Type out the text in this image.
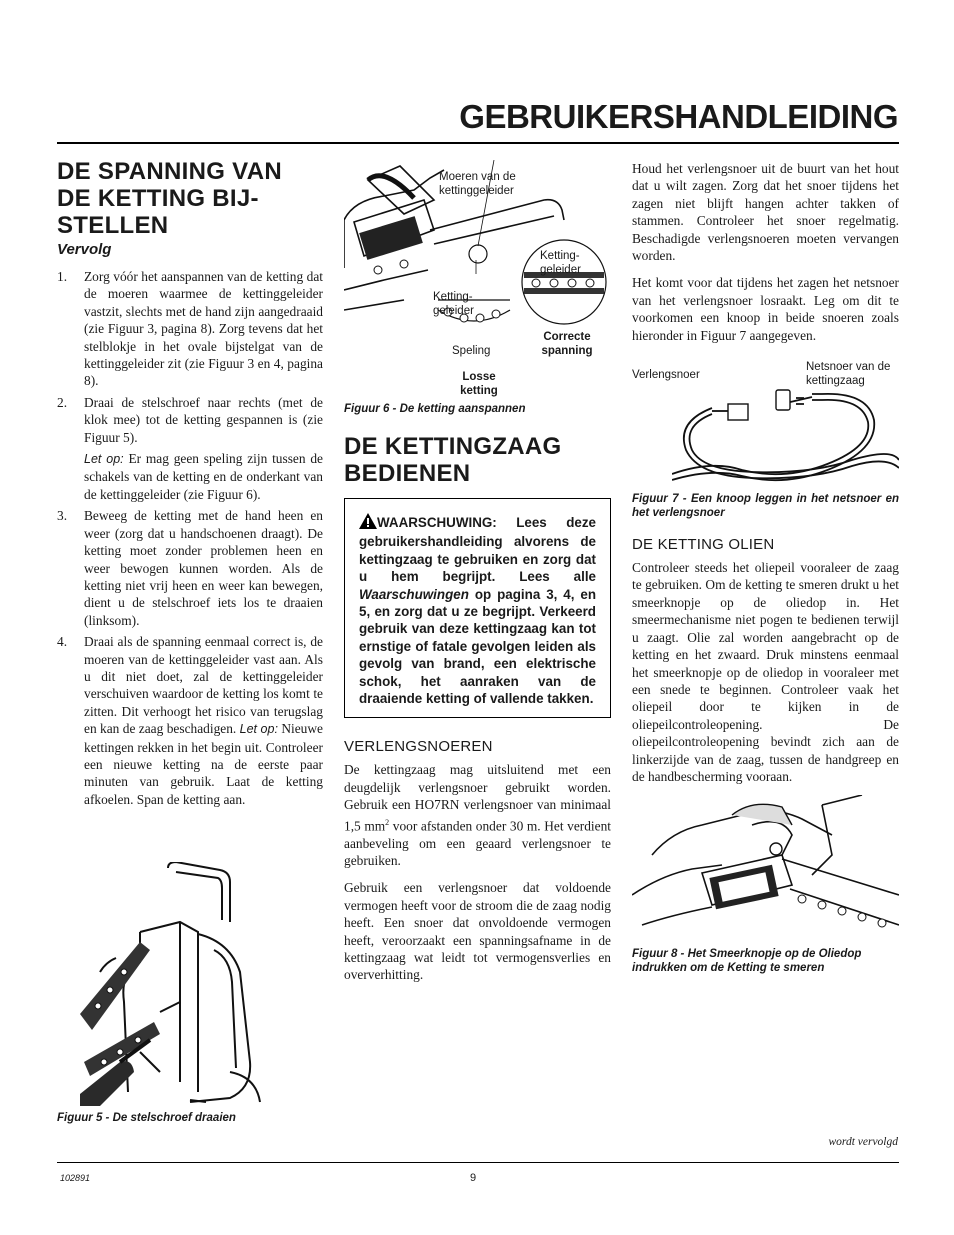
GEBRUIKERSHANDLEIDING
DE SPANNING VAN
DE KETTING BIJ-
STELLEN
Vervolg
1. Zorg vóór het aanspannen van de ketting dat de moeren waarmee de kettinggeleider vastzit, slechts met de hand zijn aangedraaid (zie Figuur 3, pagina 8). Zorg tevens dat het stelblokje in het ovale bijstelgat van de kettinggeleider zit (zie Figuur 3 en 4, pagina 8).
2. Draai de stelschroef naar rechts (met de klok mee) tot de ketting gespannen is (zie Figuur 5).
Let op: Er mag geen speling zijn tussen de schakels van de ketting en de onderkant van de kettinggeleider (zie Figuur 6).
3. Beweeg de ketting met de hand heen en weer (zorg dat u handschoenen draagt). De ketting moet zonder problemen heen en weer bewogen kunnen worden. Als de ketting niet vrij heen en weer kan bewegen, dient u de stelschroef iets los te draaien (linksom).
4. Draai als de spanning eenmaal correct is, de moeren van de kettinggeleider vast aan. Als u dit niet doet, zal de kettinggeleider verschuiven waardoor de ketting los komt te zitten. Dit verhoogt het risico van terugslag en kan de zaag beschadigen. Let op: Nieuwe kettingen rekken in het begin uit. Controleer een nieuwe ketting na de eerste paar minuten van gebruik. Laat de ketting afkoelen. Span de ketting aan.
Figuur 5 - De stelschroef draaien
Moeren van de kettinggeleider
Ketting-geleider
Ketting-geleider
Speling
Correcte spanning
Losse ketting
Figuur 6 - De ketting aanspannen
DE KETTINGZAAG
BEDIENEN
WAARSCHUWING: Lees deze gebruikershandleiding alvorens de kettingzaag te gebruiken en zorg dat u hem begrijpt. Lees alle Waarschuwingen op pagina 3, 4, en 5, en zorg dat u ze begrijpt. Verkeerd gebruik van deze kettingzaag kan tot ernstige of fatale gevolgen leiden als gevolg van brand, een elektrische schok, het aanraken van de draaiende ketting of vallende takken.
VERLENGSNOEREN
De kettingzaag mag uitsluitend met een deugdelijk verlengsnoer gebruikt worden. Gebruik een HO7RN verlengsnoer van minimaal 1,5 $mm^2$ voor afstanden onder 30 m. Het verdient aanbeveling om een geaard verlengsnoer te gebruiken.
Gebruik een verlengsnoer dat voldoende vermogen heeft voor de stroom die de zaag nodig heeft. Een snoer dat onvoldoende vermogen heeft, veroorzaakt een spanningsafname in de kettingzaag wat leidt tot vermogensverlies en oververhitting.
Houd het verlengsnoer uit de buurt van het hout dat u wilt zagen. Zorg dat het snoer tijdens het zagen niet blijft hangen achter takken of stammen. Controleer het snoer regelmatig. Beschadigde verlengsnoeren moeten vervangen worden.
Het komt voor dat tijdens het zagen het netsnoer van het verlengsnoer losraakt. Leg om dit te voorkomen een knoop in beide snoeren zoals hieronder in Figuur 7 aangegeven.
Verlengsnoer
Netsnoer van de kettingzaag
Figuur 7 - Een knoop leggen in het netsnoer en het verlengsnoer
DE KETTING OLIEN
Controleer steeds het oliepeil vooraleer de zaag te gebruiken. Om de ketting te smeren drukt u het smeerknopje op de oliedop in. Het smeermechanisme niet pogen te bedienen terwijl u zaagt. Olie zal worden aangebracht op de ketting en het zwaard. Druk minstens eenmaal het smeerknopje op de oliedop in vooraleer met een snede te beginnen. Controleer vaak het oliepeil door te kijken in de oliepeilcontroleopening. De oliepeilcontroleopening bevindt zich aan de linkerzijde van de zaag, tussen de handgreep en de handbescherming vooraan.
Figuur 8 - Het Smeerknopje op de Oliedop indrukken om de Ketting te smeren
wordt vervolgd
102891	9
